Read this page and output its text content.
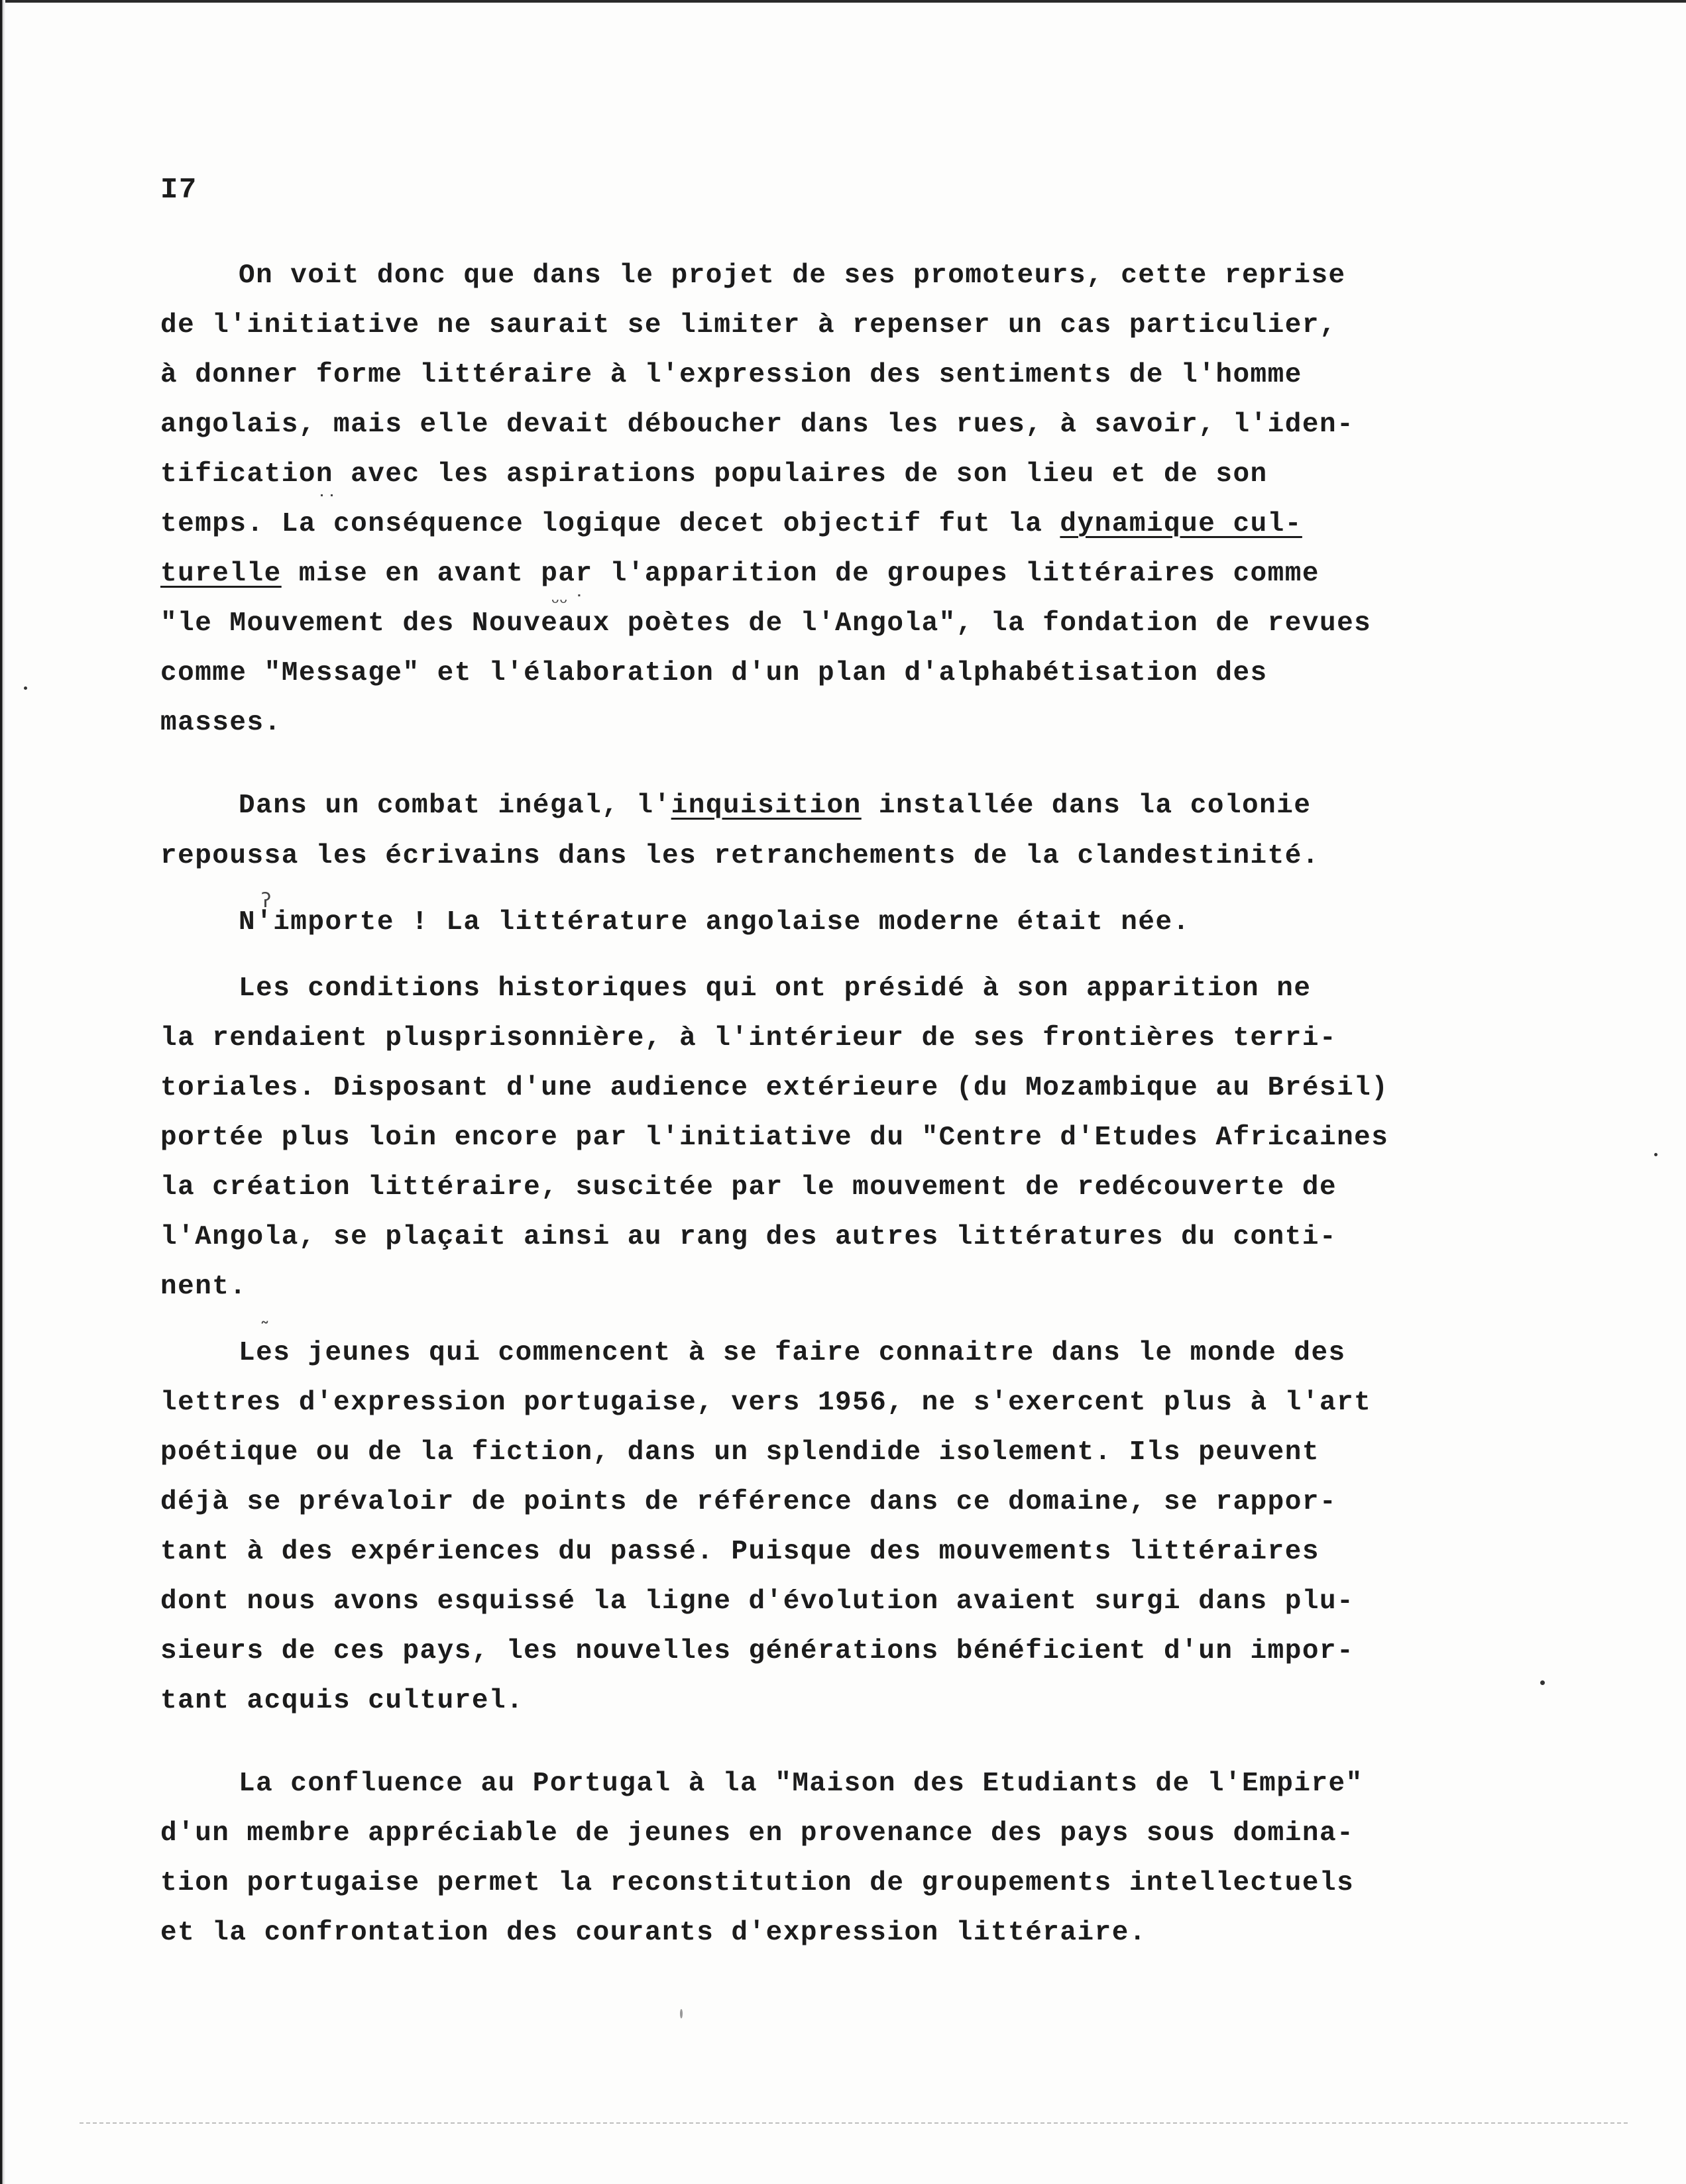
I7
On voit donc que dans le projet de ses promoteurs, cette reprise
de l'initiative ne saurait se limiter à repenser un cas particulier,
à donner forme littéraire à l'expression des sentiments de l'homme
angolais, mais elle devait déboucher dans les rues, à savoir, l'iden-
tification avec les aspirations populaires de son lieu et de son
temps. La conséquence logique decet objectif fut la dynamique cul-
turelle mise en avant par l'apparition de groupes littéraires comme
"le Mouvement des Nouveaux poètes de l'Angola", la fondation de revues
comme "Message" et l'élaboration d'un plan d'alphabétisation des
masses.
Dans un combat inégal, l'inquisition installée dans la colonie
repoussa les écrivains dans les retranchements de la clandestinité.
N'importe ! La littérature angolaise moderne était née.
Les conditions historiques qui ont présidé à son apparition ne
la rendaient plusprisonnière, à l'intérieur de ses frontières terri-
toriales. Disposant d'une audience extérieure (du Mozambique au Brésil)
portée plus loin encore par l'initiative du "Centre d'Etudes Africaines
la création littéraire, suscitée par le mouvement de redécouverte de
l'Angola, se plaçait ainsi au rang des autres littératures du conti-
nent.
Les jeunes qui commencent à se faire connaitre dans le monde des
lettres d'expression portugaise, vers 1956, ne s'exercent plus à l'art
poétique ou de la fiction, dans un splendide isolement. Ils peuvent
déjà se prévaloir de points de référence dans ce domaine, se rappor-
tant à des expériences du passé. Puisque des mouvements littéraires
dont nous avons esquissé la ligne d'évolution avaient surgi dans plu-
sieurs de ces pays, les nouvelles générations bénéficient d'un impor-
tant acquis culturel.
La confluence au Portugal à la "Maison des Etudiants de l'Empire"
d'un membre appréciable de jeunes en provenance des pays sous domina-
tion portugaise permet la reconstitution de groupements intellectuels
et la confrontation des courants d'expression littéraire.
˙˙
ᵕᵕ ˙
ʔ
˜
